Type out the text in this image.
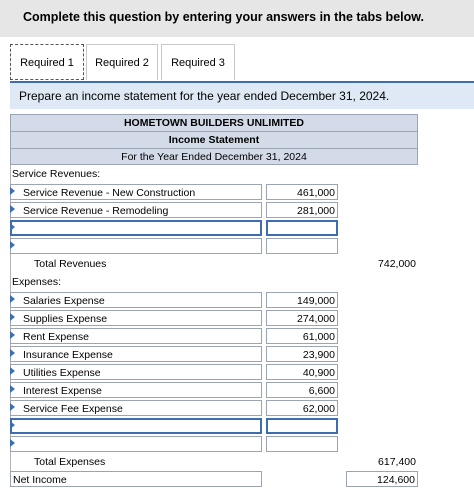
Complete this question by entering your answers in the tabs below.
Required 1	Required 2	Required 3
Prepare an income statement for the year ended December 31, 2024.
HOMETOWN BUILDERS UNLIMITED
Income Statement
For the Year Ended December 31, 2024
Service Revenues:
Service Revenue - New Construction	461,000
Service Revenue - Remodeling	281,000
Total Revenues	742,000
Expenses:
Salaries Expense	149,000
Supplies Expense	274,000
Rent Expense	61,000
Insurance Expense	23,900
Utilities Expense	40,900
Interest Expense	6,600
Service Fee Expense	62,000
Total Expenses	617,400
Net Income	124,600
